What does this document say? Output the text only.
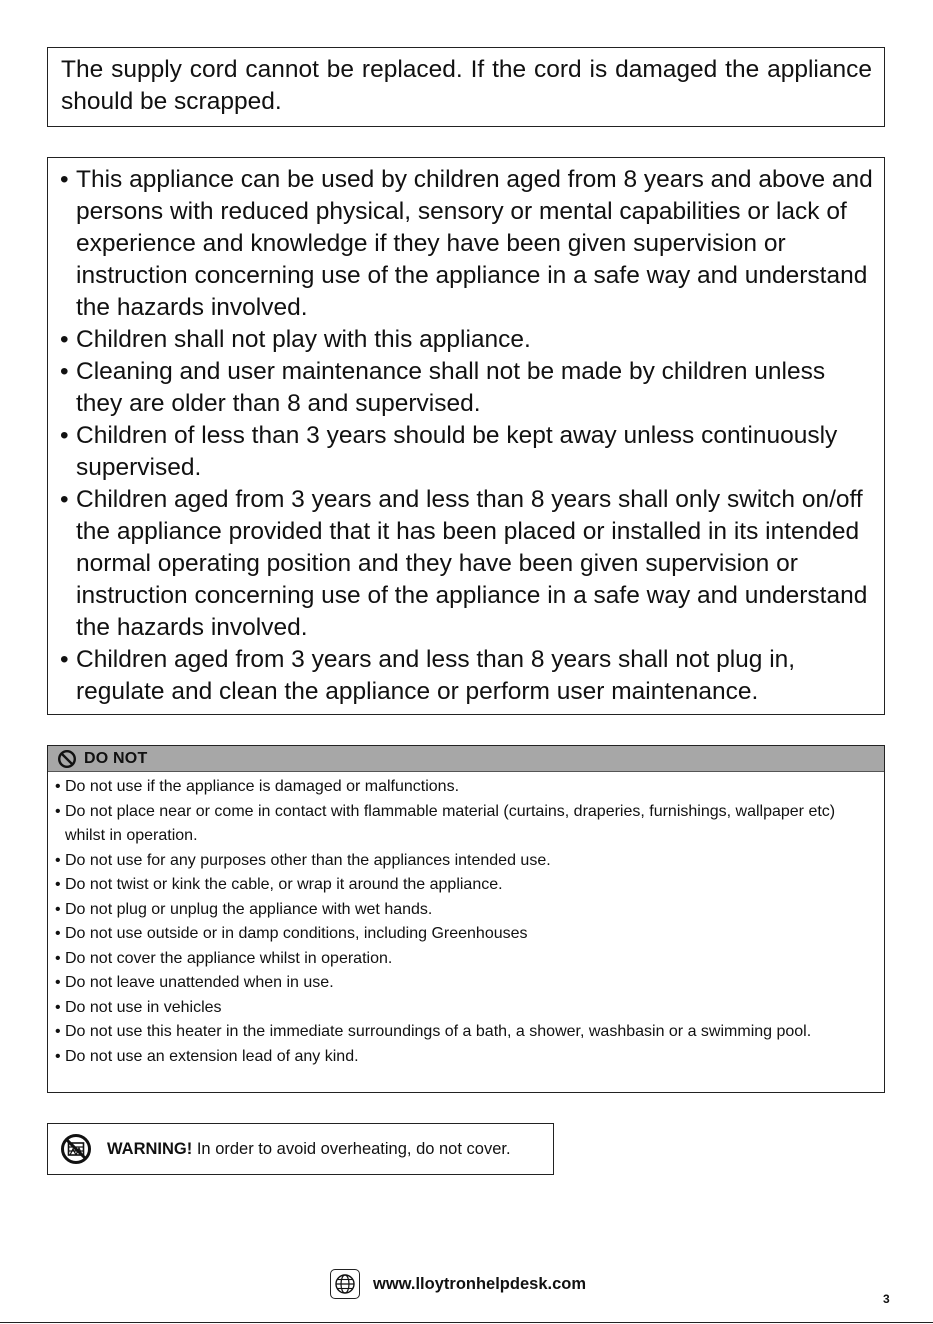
The supply cord cannot be replaced. If the cord is damaged the appliance should be scrapped.

• This appliance can be used by children aged from 8 years and above and persons with reduced physical, sensory or mental capabilities or lack of experience and knowledge if they have been given supervision or instruction concerning use of the appliance in a safe way and understand the hazards involved.
• Children shall not play with this appliance.
• Cleaning and user maintenance shall not be made by children unless they are older than 8 and supervised.
• Children of less than 3 years should be kept away unless continuously supervised.
• Children aged from 3 years and less than 8 years shall only switch on/off the appliance provided that it has been placed or installed in its intended normal operating position and they have been given supervision or instruction concerning use of the appliance in a safe way and understand the hazards involved.
• Children aged from 3 years and less than 8 years shall not plug in, regulate and clean the appliance or perform user maintenance.
DO NOT
• Do not use if the appliance is damaged or malfunctions.
• Do not place near or come in contact with flammable material (curtains, draperies, furnishings, wallpaper etc) whilst in operation.
• Do not use for any purposes other than the appliances intended use.
• Do not twist or kink the cable, or wrap it around the appliance.
• Do not plug or unplug the appliance with wet hands.
• Do not use outside or in damp conditions, including Greenhouses
• Do not cover the appliance whilst in operation.
• Do not leave unattended when in use.
• Do not use in vehicles
• Do not use this heater in the immediate surroundings of a bath, a shower, washbasin or a swimming pool.
• Do not use an extension lead of any kind.
WARNING! In order to avoid overheating, do not cover.
www.lloytronhelpdesk.com
3
